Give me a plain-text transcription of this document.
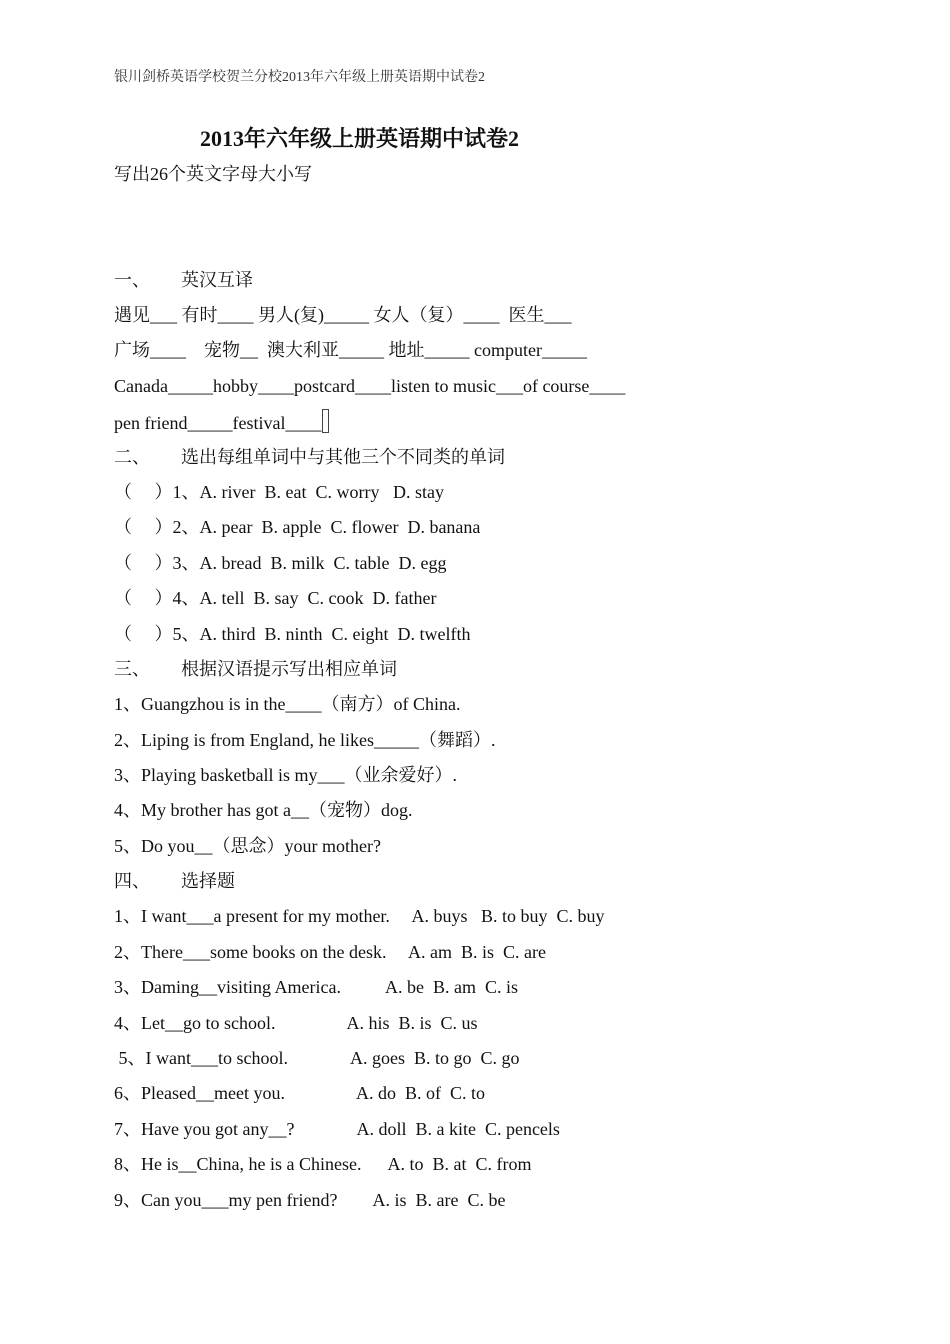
银川剑桥英语学校贺兰分校2013年六年级上册英语期中试卷2
2013年六年级上册英语期中试卷2
写出26个英文字母大小写
一、 英汉互译
遇见___ 有时____ 男人(复)_____ 女人（复）____  医生___
广场____    宠物__  澳大利亚_____ 地址_____ computer_____
Canada_____hobby____postcard____listen to music___of course____
pen friend_____festival____
二、 选出每组单词中与其他三个不同类的单词
（     ）1、A. river  B. eat  C. worry   D. stay
（     ）2、A. pear  B. apple  C. flower  D. banana
（     ）3、A. bread  B. milk  C. table  D. egg
（     ）4、A. tell  B. say  C. cook  D. father
（     ）5、A. third  B. ninth  C. eight  D. twelfth
三、 根据汉语提示写出相应单词
1、Guangzhou is in the____（南方）of China.
2、Liping is from England, he likes_____（舞蹈）.
3、Playing basketball is my___（业余爱好）.
4、My brother has got a__（宠物）dog.
5、Do you__（思念）your mother?
四、 选择题
1、I want___a present for my mother.     A. buys   B. to buy  C. buy
2、There___some books on the desk.     A. am  B. is  C. are
3、Daming__visiting America.          A. be  B. am  C. is
4、Let__go to school.                A. his  B. is  C. us
5、I want___to school.              A. goes  B. to go  C. go
6、Pleased__meet you.                A. do  B. of  C. to
7、Have you got any__?              A. doll  B. a kite  C. pencels
8、He is__China, he is a Chinese.      A. to  B. at  C. from
9、Can you___my pen friend?        A. is  B. are  C. be
